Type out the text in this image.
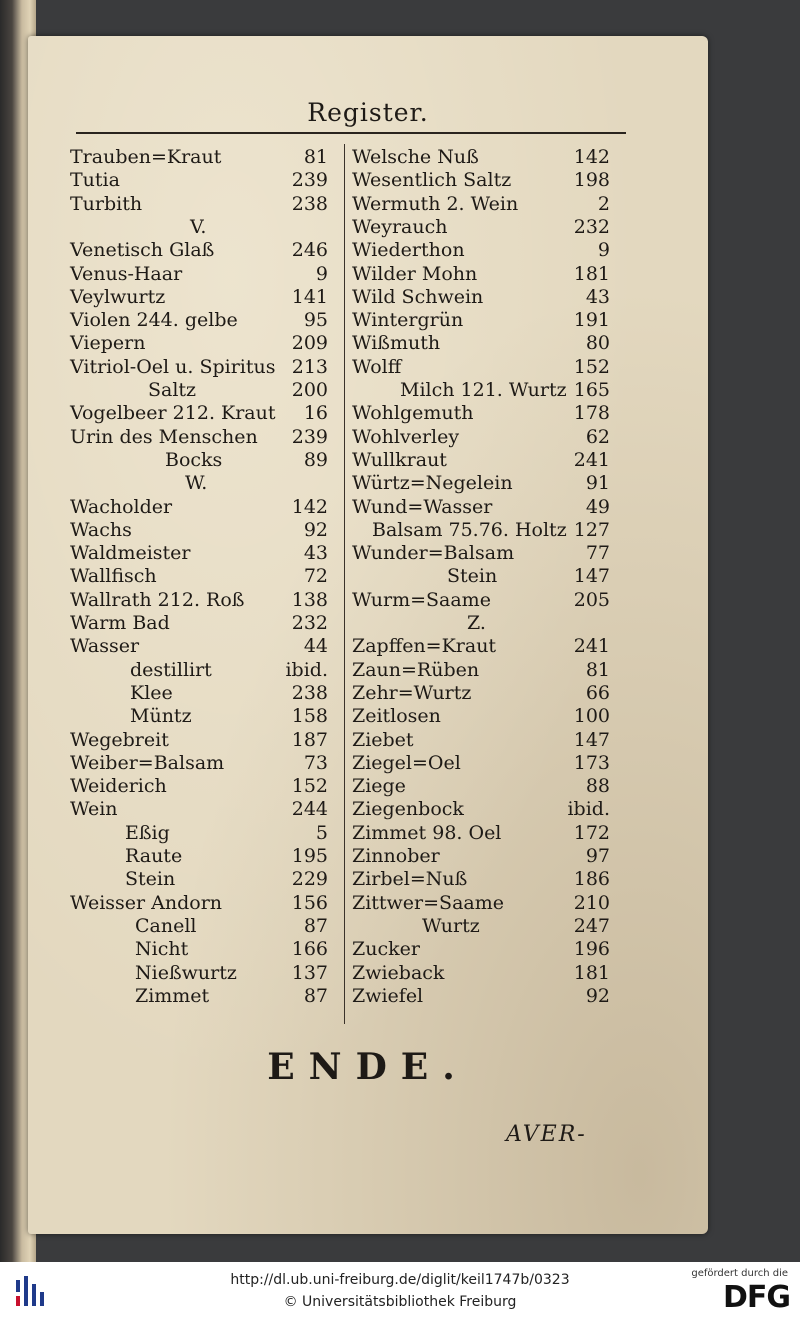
Register.
Trauben=Kraut	81
Tutia	239
Turbith	238
V.
Venetisch Glaß	246
Venus-Haar	9
Veylwurtz	141
Violen 244. gelbe	95
Viepern	209
Vitriol-Oel u. Spiritus 213
Saltz	200
Vogelbeer 212. Kraut	16
Urin des Menschen	239
Bocks	89
W.
Wacholder	142
Wachs	92
Waldmeister	43
Wallfisch	72
Wallrath 212. Roß	138
Warm Bad	232
Wasser	44
destillirt	ibid.
Klee	238
Müntz	158
Wegebreit	187
Weiber=Balsam	73
Weiderich	152
Wein	244
Eßig	5
Raute	195
Stein	229
Weisser Andorn	156
Canell	87
Nicht	166
Nießwurtz	137
Zimmet	87
Welsche Nuß	142
Wesentlich Saltz	198
Wermuth 2. Wein	2
Weyrauch	232
Wiederthon	9
Wilder Mohn	181
Wild Schwein	43
Wintergrün	191
Wißmuth	80
Wolff	152
Milch 121. Wurtz 165
Wohlgemuth	178
Wohlverley	62
Wullkraut	241
Würtz=Negelein	91
Wund=Wasser	49
Balsam 75.76. Holtz 127
Wunder=Balsam	77
Stein	147
Wurm=Saame	205
Z.
Zapffen=Kraut	241
Zaun=Rüben	81
Zehr=Wurtz	66
Zeitlosen	100
Ziebet	147
Ziegel=Oel	173
Ziege	88
Ziegenbock	ibid.
Zimmet 98. Oel	172
Zinnober	97
Zirbel=Nuß	186
Zittwer=Saame	210
Wurtz	247
Zucker	196
Zwieback	181
Zwiefel	92
ENDE.
AVER-
http://dl.ub.uni-freiburg.de/diglit/keil1747b/0323
© Universitätsbibliothek Freiburg
gefördert durch die
DFG
